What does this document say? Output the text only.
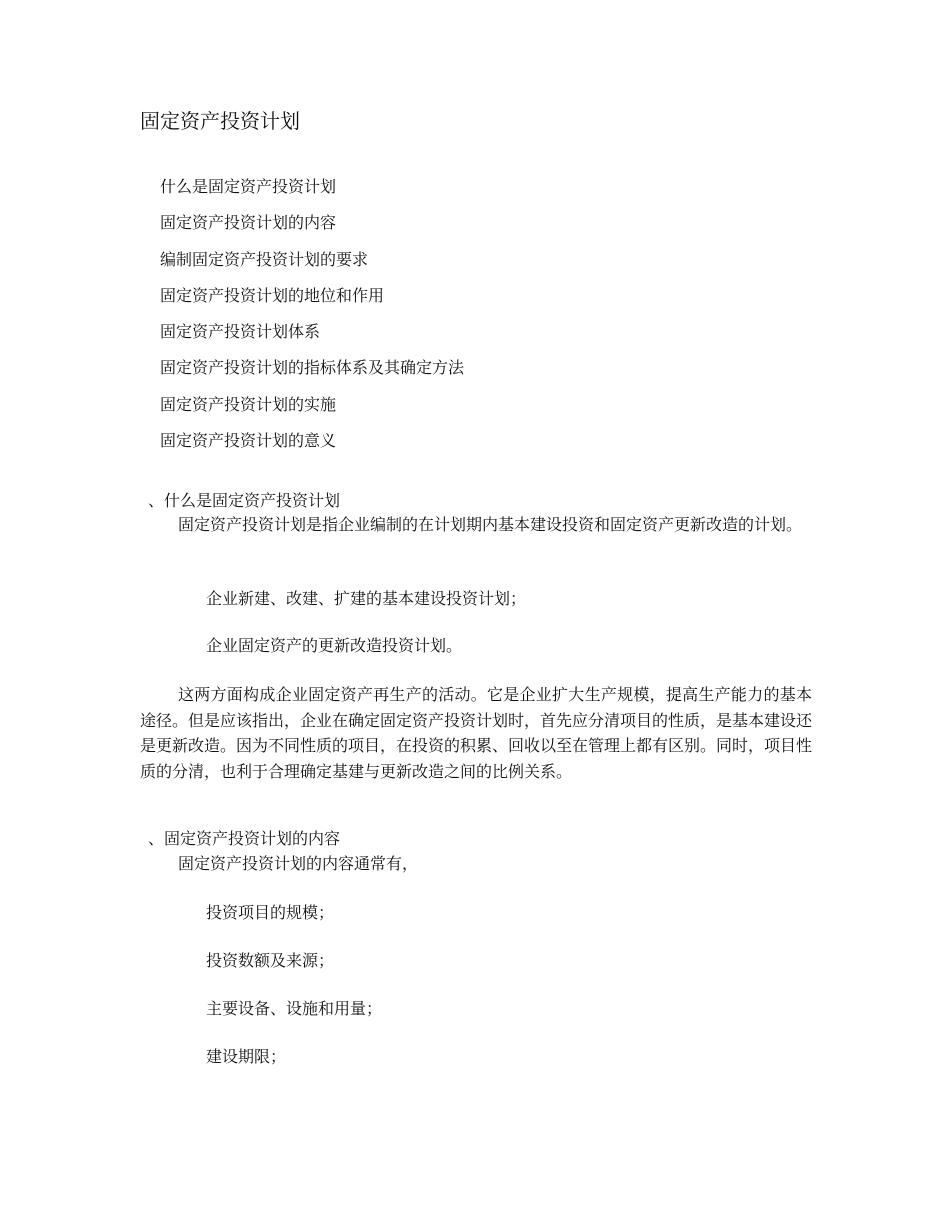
固定资产投资计划
什么是固定资产投资计划
固定资产投资计划的内容
编制固定资产投资计划的要求
固定资产投资计划的地位和作用
固定资产投资计划体系
固定资产投资计划的指标体系及其确定方法
固定资产投资计划的实施
固定资产投资计划的意义
、什么是固定资产投资计划

固定资产投资计划是指企业编制的在计划期内基本建设投资和固定资产更新改造的计划。

企业新建、改建、扩建的基本建设投资计划；

企业固定资产的更新改造投资计划。

这两方面构成企业固定资产再生产的活动。它是企业扩大生产规模，提高生产能力的基本途径。但是应该指出，企业在确定固定资产投资计划时，首先应分清项目的性质，是基本建设还是更新改造。因为不同性质的项目，在投资的积累、回收以至在管理上都有区别。同时，项目性质的分清，也利于合理确定基建与更新改造之间的比例关系。

、固定资产投资计划的内容

固定资产投资计划的内容通常有，

投资项目的规模；

投资数额及来源；

主要设备、设施和用量；

建设期限；
